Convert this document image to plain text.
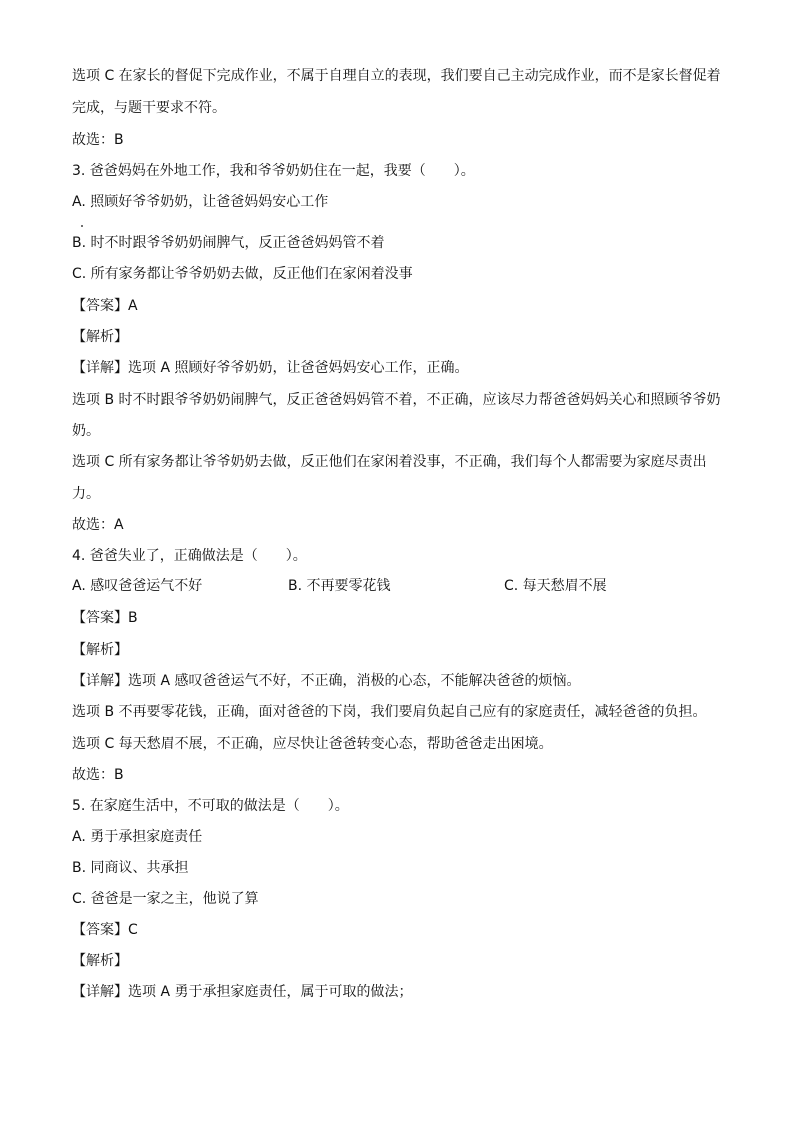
选项 C 在家长的督促下完成作业，不属于自理自立的表现，我们要自己主动完成作业，而不是家长督促着
完成，与题干要求不符。
故选：B
3. 爸爸妈妈在外地工作，我和爷爷奶奶住在一起，我要（　　）。
A. 照顾好爷爷奶奶，让爸爸妈妈安心工作
B. 时不时跟爷爷奶奶闹脾气，反正爸爸妈妈管不着
C. 所有家务都让爷爷奶奶去做，反正他们在家闲着没事
【答案】A
【解析】
【详解】选项 A 照顾好爷爷奶奶，让爸爸妈妈安心工作，正确。
选项 B 时不时跟爷爷奶奶闹脾气，反正爸爸妈妈管不着，不正确，应该尽力帮爸爸妈妈关心和照顾爷爷奶
奶。
选项 C 所有家务都让爷爷奶奶去做，反正他们在家闲着没事，不正确，我们每个人都需要为家庭尽责出
力。
故选：A
4. 爸爸失业了，正确做法是（　　）。
A. 感叹爸爸运气不好	B. 不再要零花钱	C. 每天愁眉不展
【答案】B
【解析】
【详解】选项 A 感叹爸爸运气不好，不正确，消极的心态，不能解决爸爸的烦恼。
选项 B 不再要零花钱，正确，面对爸爸的下岗，我们要肩负起自己应有的家庭责任，减轻爸爸的负担。
选项 C 每天愁眉不展，不正确，应尽快让爸爸转变心态，帮助爸爸走出困境。
故选：B
5. 在家庭生活中，不可取的做法是（　　）。
A. 勇于承担家庭责任
B. 同商议、共承担
C. 爸爸是一家之主，他说了算
【答案】C
【解析】
【详解】选项 A 勇于承担家庭责任，属于可取的做法；
